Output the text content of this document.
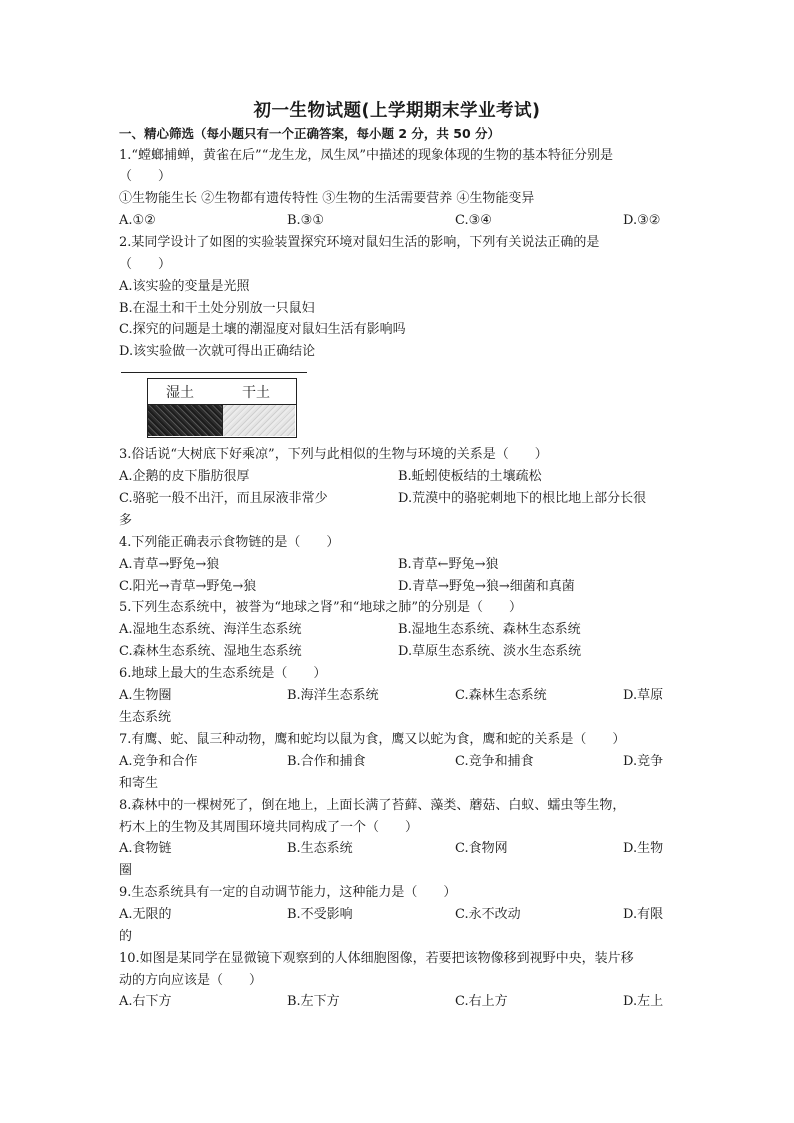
初一生物试题(上学期期末学业考试)
一、精心筛选（每小题只有一个正确答案，每小题 2 分，共 50 分）
1.“螳螂捕蝉，黄雀在后”“龙生龙，凤生凤”中描述的现象体现的生物的基本特征分别是
（　　）
①生物能生长 ②生物都有遗传特性 ③生物的生活需要营养 ④生物能变异
A.①②	B.③①	C.③④	D.③②
2.某同学设计了如图的实验装置探究环境对鼠妇生活的影响，下列有关说法正确的是
（　　）
A.该实验的变量是光照
B.在湿土和干土处分别放一只鼠妇
C.探究的问题是土壤的潮湿度对鼠妇生活有影响吗
D.该实验做一次就可得出正确结论
湿土	干土
3.俗话说“大树底下好乘凉”，下列与此相似的生物与环境的关系是（　　）
A.企鹅的皮下脂肪很厚	B.蚯蚓使板结的土壤疏松
C.骆驼一般不出汗，而且尿液非常少	D.荒漠中的骆驼刺地下的根比地上部分长很
多
4.下列能正确表示食物链的是（　　）
A.青草→野兔→狼	B.青草←野兔→狼
C.阳光→青草→野兔→狼	D.青草→野兔→狼→细菌和真菌
5.下列生态系统中，被誉为“地球之肾”和“地球之肺”的分别是（　　）
A.湿地生态系统、海洋生态系统	B.湿地生态系统、森林生态系统
C.森林生态系统、湿地生态系统	D.草原生态系统、淡水生态系统
6.地球上最大的生态系统是（　　）
A.生物圈	B.海洋生态系统	C.森林生态系统	D.草原
生态系统
7.有鹰、蛇、鼠三种动物，鹰和蛇均以鼠为食，鹰又以蛇为食，鹰和蛇的关系是（　　）
A.竞争和合作	B.合作和捕食	C.竞争和捕食	D.竞争
和寄生
8.森林中的一棵树死了，倒在地上，上面长满了苔藓、藻类、蘑菇、白蚁、蠕虫等生物，
朽木上的生物及其周围环境共同构成了一个（　　）
A.食物链	B.生态系统	C.食物网	D.生物
圈
9.生态系统具有一定的自动调节能力，这种能力是（　　）
A.无限的	B.不受影响	C.永不改动	D.有限
的
10.如图是某同学在显微镜下观察到的人体细胞图像，若要把该物像移到视野中央，装片移
动的方向应该是（　　）
A.右下方	B.左下方	C.右上方	D.左上
